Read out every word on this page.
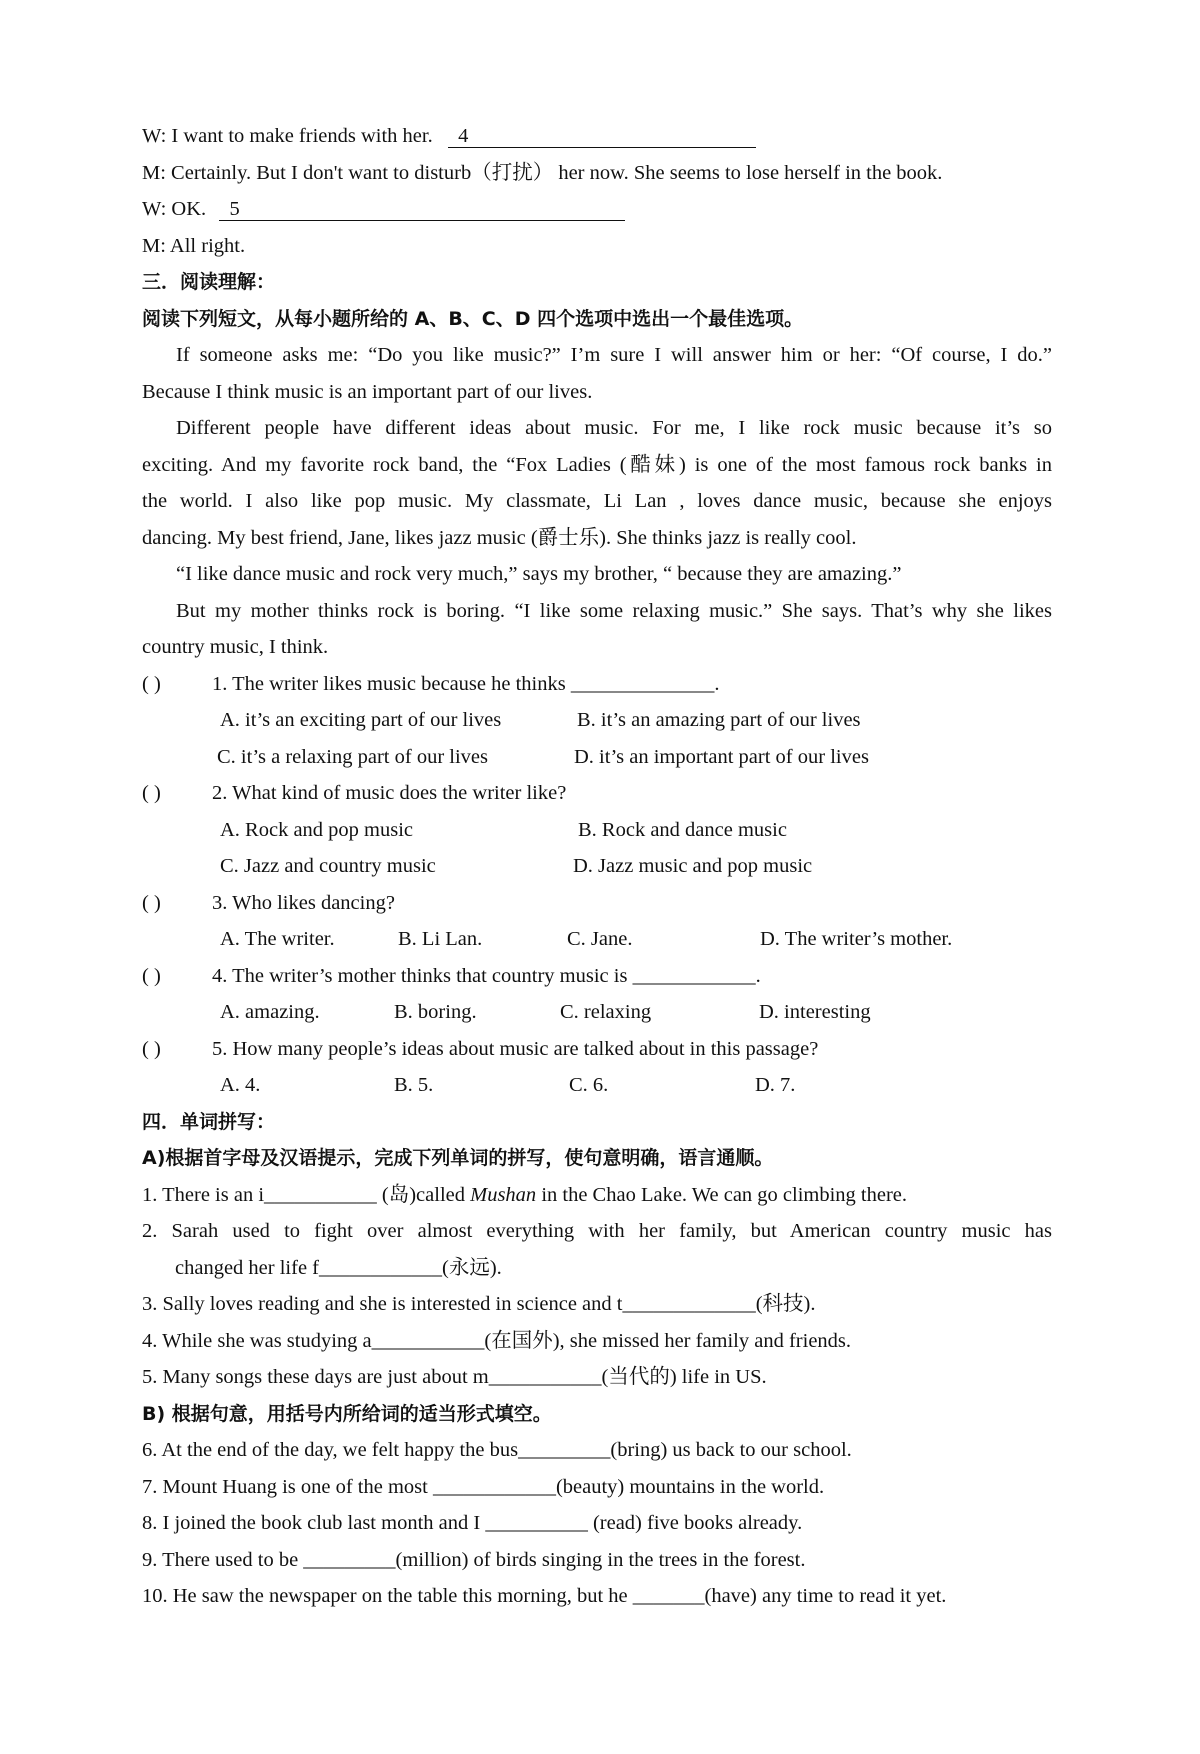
W: I want to make friends with her. 4
M: Certainly. But I don't want to disturb（打扰） her now. She seems to lose herself in the book.
W: OK. 5
M: All right.
三．阅读理解：
阅读下列短文，从每小题所给的 A、B、C、D 四个选项中选出一个最佳选项。
If someone asks me: “Do you like music?” I’m sure I will answer him or her: “Of course, I do.”
Because I think music is an important part of our lives.
Different people have different ideas about music. For me, I like rock music because it’s so
exciting. And my favorite rock band, the “Fox Ladies (酷妹) is one of the most famous rock banks in
the world. I also like pop music. My classmate, Li Lan , loves dance music, because she enjoys
dancing. My best friend, Jane, likes jazz music (爵士乐). She thinks jazz is really cool.
“I like dance music and rock very much,” says my brother, “ because they are amazing.”
But my mother thinks rock is boring. “I like some relaxing music.” She says. That’s why she likes
country music, I think.
( )	1. The writer likes music because he thinks ______________.
A. it’s an exciting part of our lives	B. it’s an amazing part of our lives
C. it’s a relaxing part of our lives	D. it’s an important part of our lives
( )	2. What kind of music does the writer like?
A. Rock and pop music	B. Rock and dance music
C. Jazz and country music	D. Jazz music and pop music
( )	3. Who likes dancing?
A. The writer.	B. Li Lan.	C. Jane.	D. The writer’s mother.
( )	4. The writer’s mother thinks that country music is ____________.
A. amazing.	B. boring.	C. relaxing	D. interesting
( )	5. How many people’s ideas about music are talked about in this passage?
A. 4.	B. 5.	C. 6.	D. 7.
四．单词拼写：
A)根据首字母及汉语提示，完成下列单词的拼写，使句意明确，语言通顺。
1. There is an i___________ (岛)called Mushan in the Chao Lake. We can go climbing there.
2. Sarah used to fight over almost everything with her family, but American country music has
changed her life f____________(永远).
3. Sally loves reading and she is interested in science and t_____________(科技).
4. While she was studying a___________(在国外), she missed her family and friends.
5. Many songs these days are just about m___________(当代的) life in US.
B) 根据句意，用括号内所给词的适当形式填空。
6. At the end of the day, we felt happy the bus_________(bring) us back to our school.
7. Mount Huang is one of the most ____________(beauty) mountains in the world.
8. I joined the book club last month and I __________ (read) five books already.
9. There used to be _________(million) of birds singing in the trees in the forest.
10. He saw the newspaper on the table this morning, but he _______(have) any time to read it yet.
